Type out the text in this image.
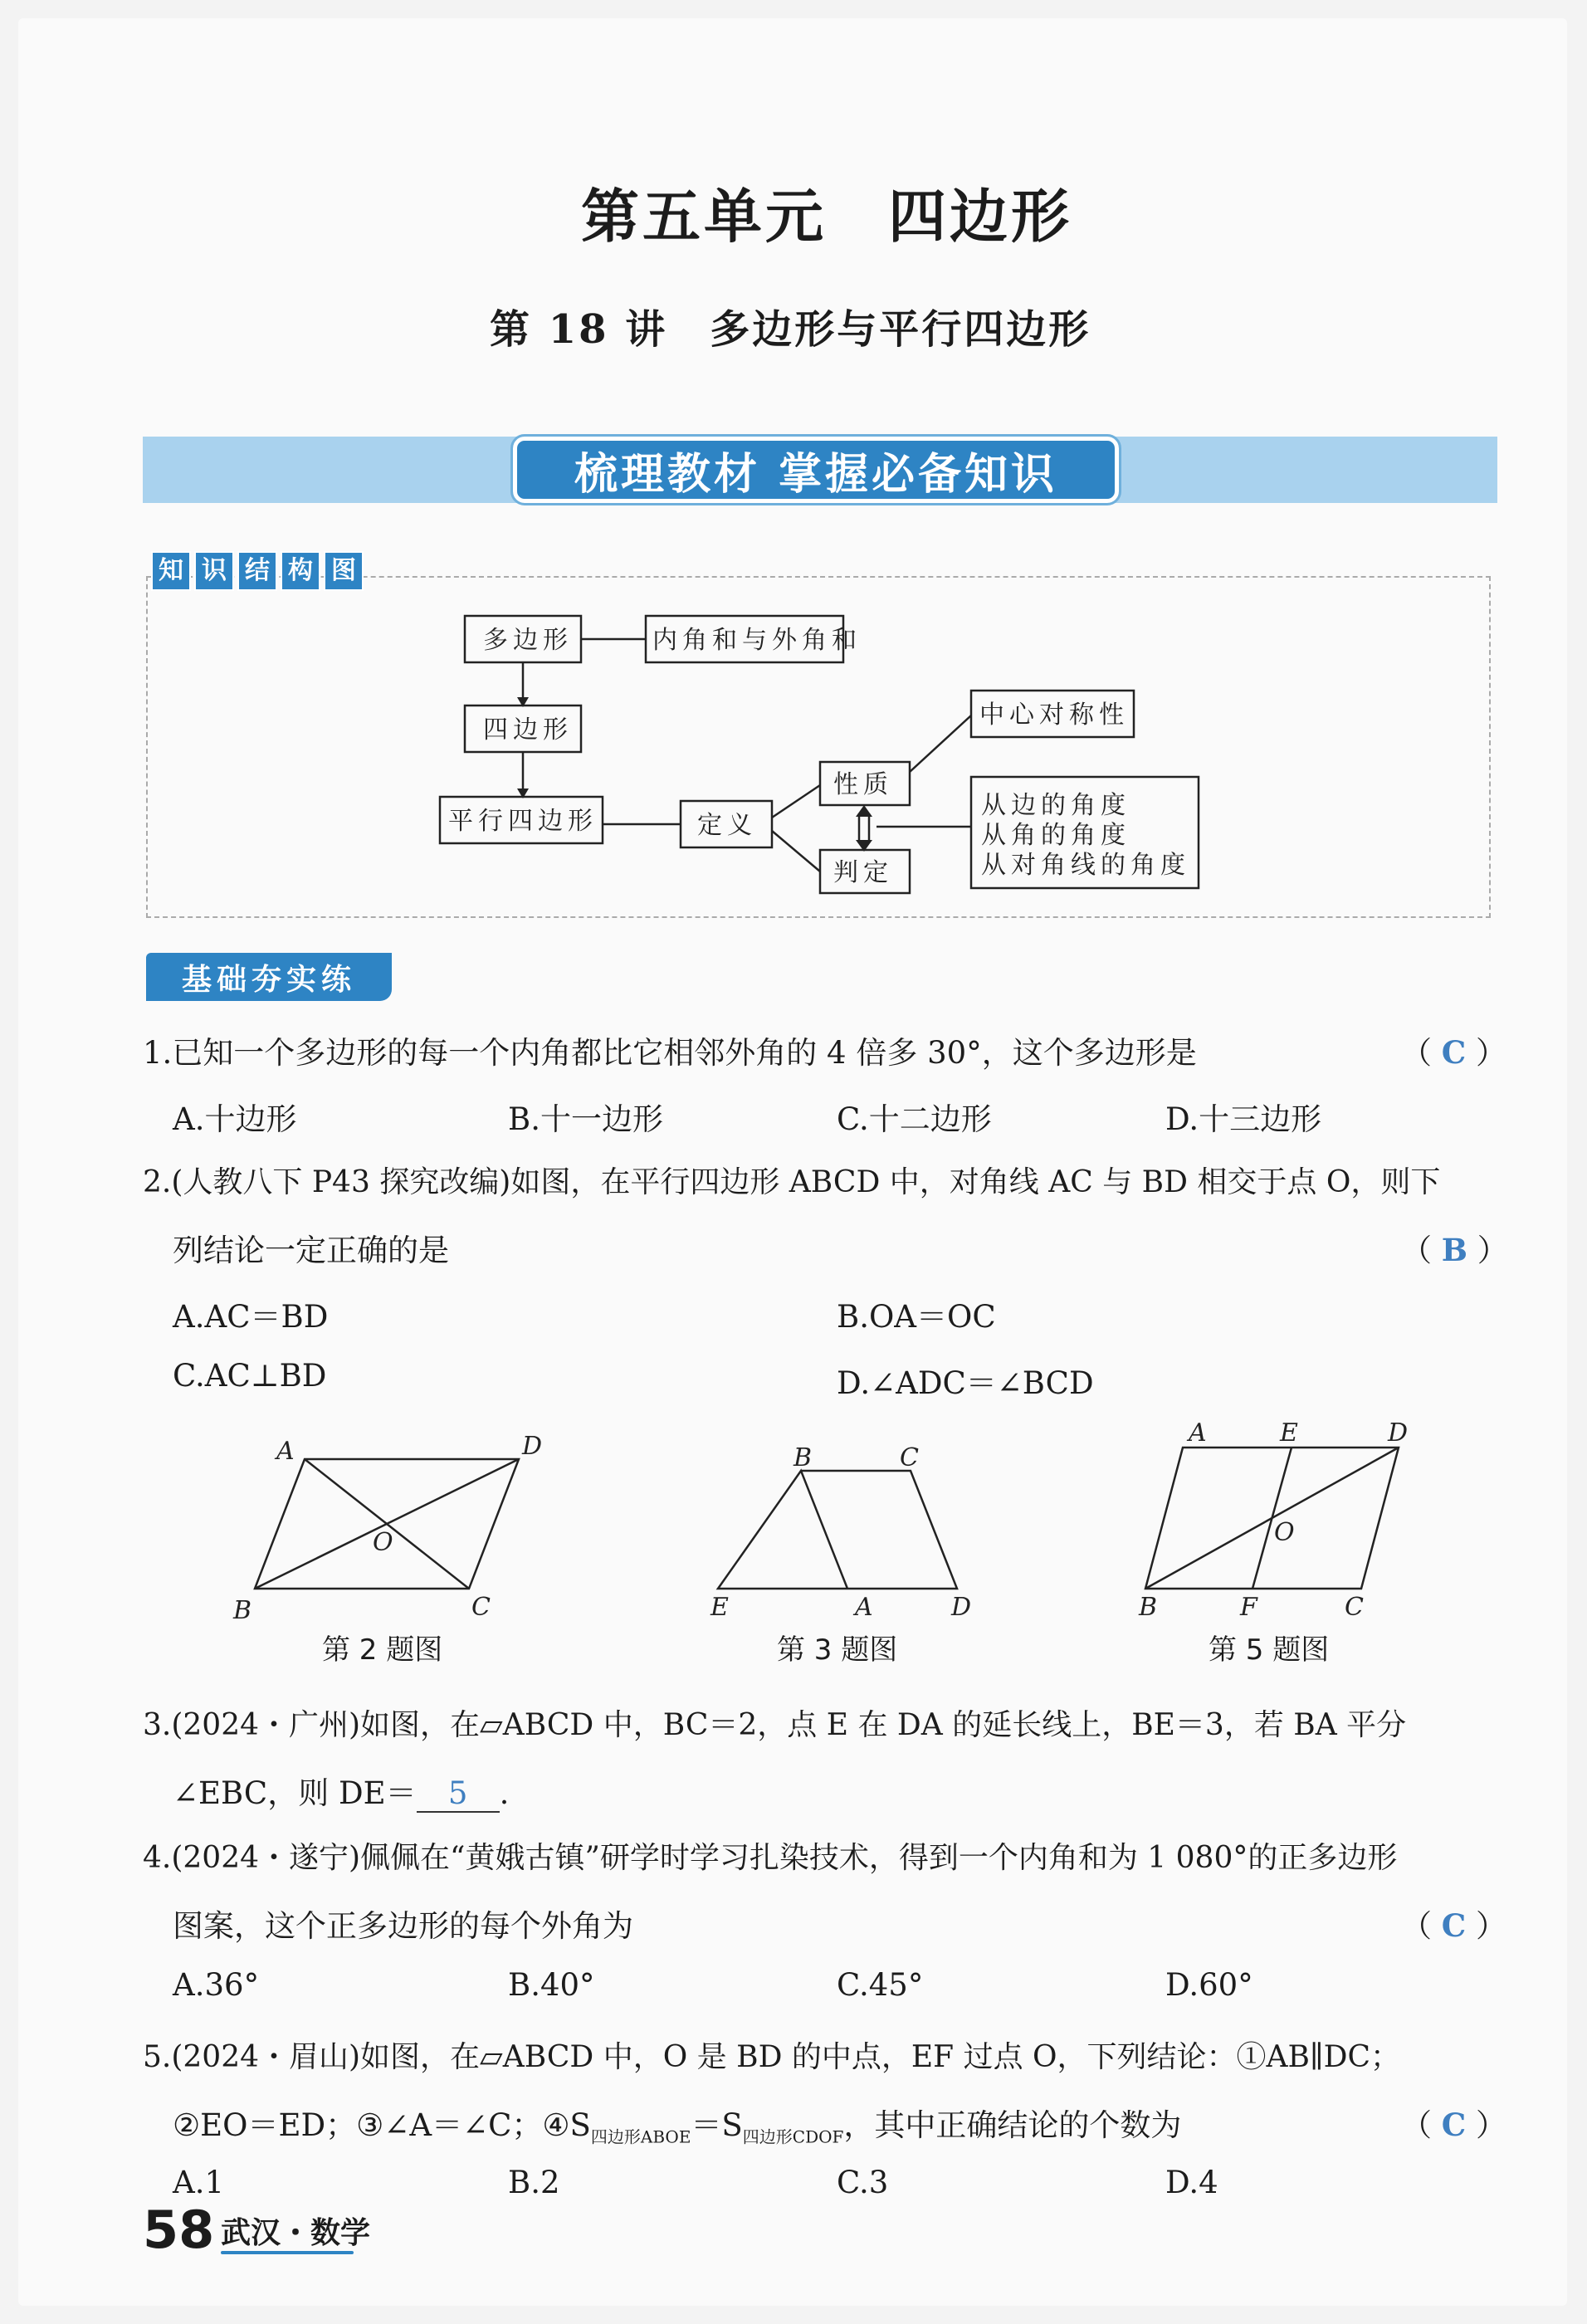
第五单元　四边形
第 18 讲　多边形与平行四边形
梳理教材 掌握必备知识
知 识 结 构 图
多边形	内角和与外角和
四边形
平行四边形	定义
性质
判定
中心对称性
从边的角度
从角的角度
从对角线的角度
基础夯实练
1.已知一个多边形的每一个内角都比它相邻外角的 4 倍多 30°，这个多边形是	（ C ）
A.十边形	B.十一边形	C.十二边形	D.十三边形
2.(人教八下 P43 探究改编)如图，在平行四边形 ABCD 中，对角线 AC 与 BD 相交于点 O，则下
列结论一定正确的是	（ B ）
A.AC＝BD	B.OA＝OC
C.AC⊥BD	D.∠ADC＝∠BCD
A	D
B	C
O
B	C
E	A	D
A	E	D
B	F	C
O
第 2 题图	第 3 题图	第 5 题图
3.(2024・广州)如图，在▱ABCD 中，BC＝2，点 E 在 DA 的延长线上，BE＝3，若 BA 平分
∠EBC，则 DE＝ 5 .
4.(2024・遂宁)佩佩在“黄娥古镇”研学时学习扎染技术，得到一个内角和为 1 080°的正多边形
图案，这个正多边形的每个外角为	（ C ）
A.36°	B.40°	C.45°	D.60°
5.(2024・眉山)如图，在▱ABCD 中，O 是 BD 的中点，EF 过点 O，下列结论：①AB∥DC；
②EO＝ED；③∠A＝∠C；$④S_{四边形ABOE}=S_{四边形CDOF}$，其中正确结论的个数为	（ C ）
A.1	B.2	C.3	D.4
58 武汉・数学
